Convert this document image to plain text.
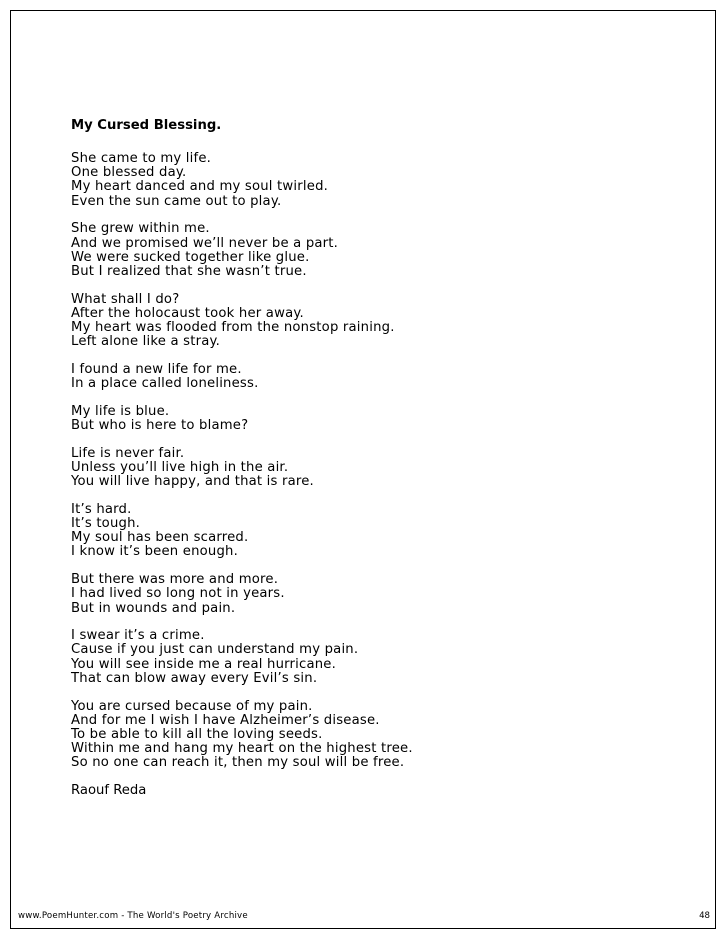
My Cursed Blessing.
She came to my life.
One blessed day.
My heart danced and my soul twirled.
Even the sun came out to play.
She grew within me.
And we promised we’ll never be a part.
We were sucked together like glue.
But I realized that she wasn’t true.
What shall I do?
After the holocaust took her away.
My heart was flooded from the nonstop raining.
Left alone like a stray.
I found a new life for me.
In a place called loneliness.
My life is blue.
But who is here to blame?
Life is never fair.
Unless you’ll live high in the air.
You will live happy, and that is rare.
It’s hard.
It’s tough.
My soul has been scarred.
I know it’s been enough.
But there was more and more.
I had lived so long not in years.
But in wounds and pain.
I swear it’s a crime.
Cause if you just can understand my pain.
You will see inside me a real hurricane.
That can blow away every Evil’s sin.
You are cursed because of my pain.
And for me I wish I have Alzheimer’s disease.
To be able to kill all the loving seeds.
Within me and hang my heart on the highest tree.
So no one can reach it, then my soul will be free.
Raouf Reda
www.PoemHunter.com - The World's Poetry Archive	48
